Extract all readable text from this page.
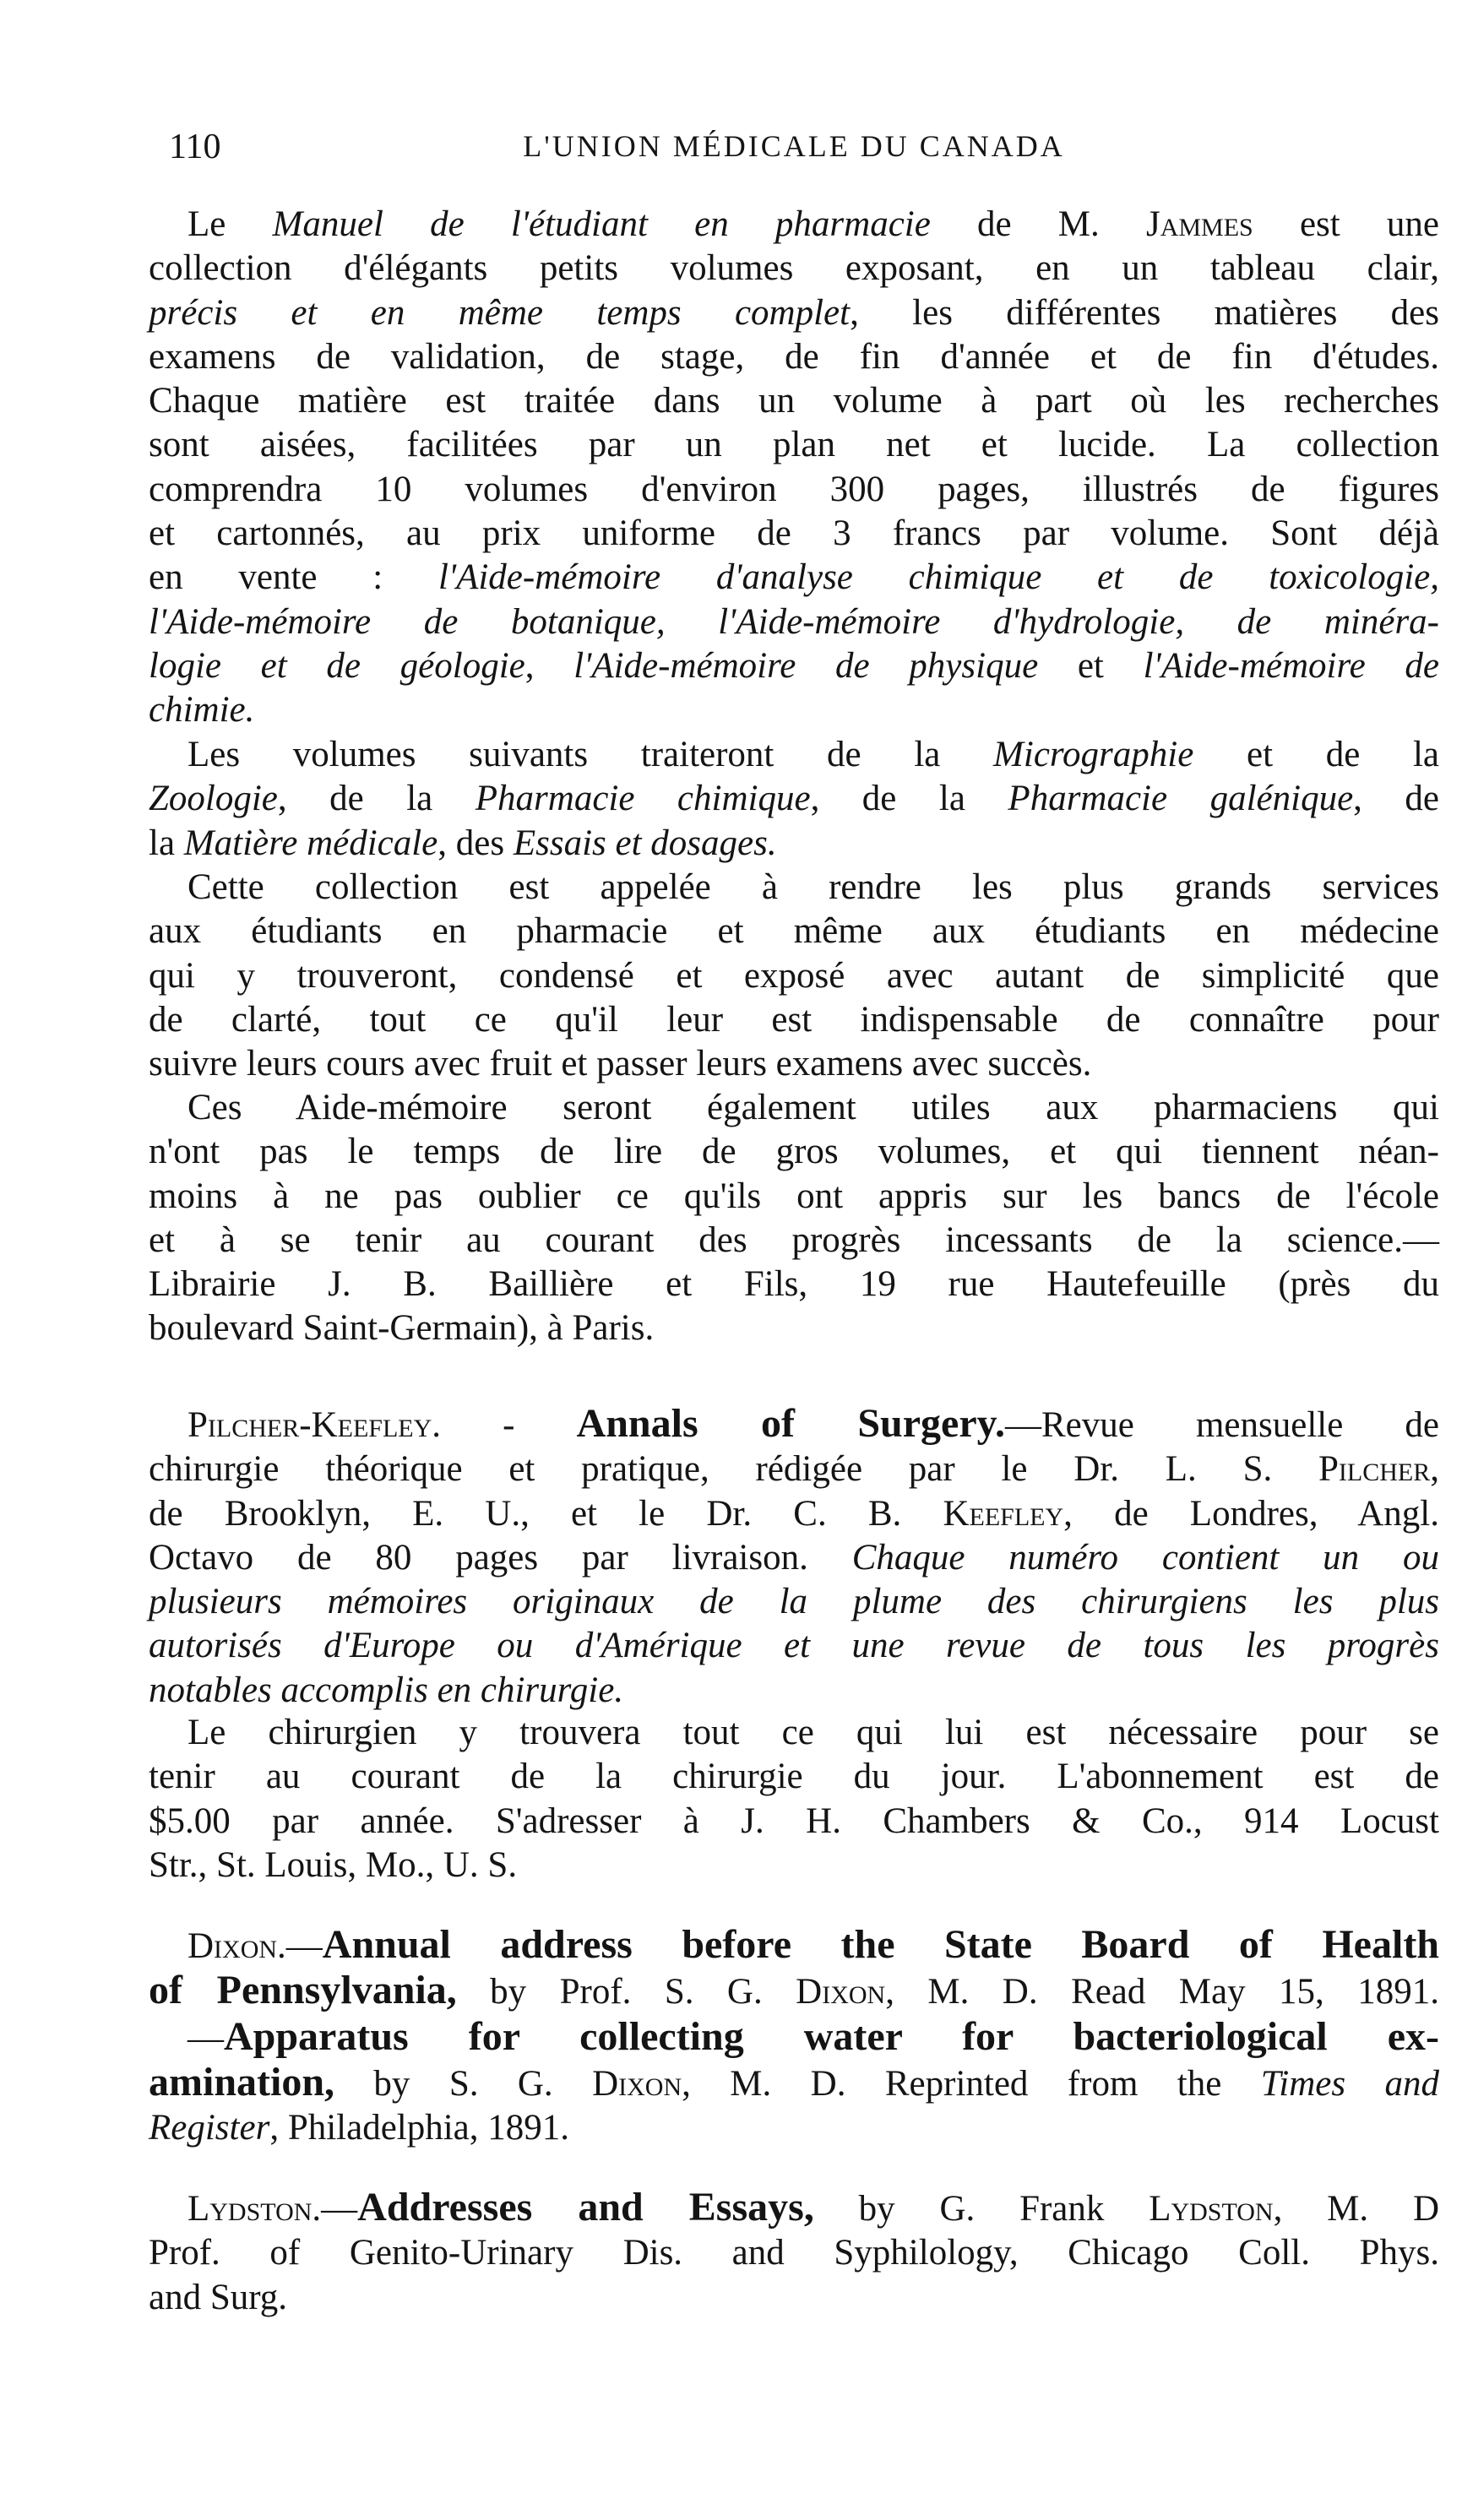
110	L'UNION MÉDICALE DU CANADA
Le Manuel de l'étudiant en pharmacie de M. Jammes est une
collection d'élégants petits volumes exposant, en un tableau clair,
précis et en même temps complet, les différentes matières des
examens de validation, de stage, de fin d'année et de fin d'études.
Chaque matière est traitée dans un volume à part où les recherches
sont aisées, facilitées par un plan net et lucide. La collection
comprendra 10 volumes d'environ 300 pages, illustrés de figures
et cartonnés, au prix uniforme de 3 francs par volume. Sont déjà
en vente : l'Aide-mémoire d'analyse chimique et de toxicologie,
l'Aide-mémoire de botanique, l'Aide-mémoire d'hydrologie, de minéra-
logie et de géologie, l'Aide-mémoire de physique et l'Aide-mémoire de
chimie.
Les volumes suivants traiteront de la Micrographie et de la
Zoologie, de la Pharmacie chimique, de la Pharmacie galénique, de
la Matière médicale, des Essais et dosages.
Cette collection est appelée à rendre les plus grands services
aux étudiants en pharmacie et même aux étudiants en médecine
qui y trouveront, condensé et exposé avec autant de simplicité que
de clarté, tout ce qu'il leur est indispensable de connaître pour
suivre leurs cours avec fruit et passer leurs examens avec succès.
Ces Aide-mémoire seront également utiles aux pharmaciens qui
n'ont pas le temps de lire de gros volumes, et qui tiennent néan-
moins à ne pas oublier ce qu'ils ont appris sur les bancs de l'école
et à se tenir au courant des progrès incessants de la science.—
Librairie J. B. Baillière et Fils, 19 rue Hautefeuille (près du
boulevard Saint-Germain), à Paris.
Pilcher-Keefley. - Annals of Surgery.—Revue mensuelle de
chirurgie théorique et pratique, rédigée par le Dr. L. S. Pilcher,
de Brooklyn, E. U., et le Dr. C. B. Keefley, de Londres, Angl.
Octavo de 80 pages par livraison. Chaque numéro contient un ou
plusieurs mémoires originaux de la plume des chirurgiens les plus
autorisés d'Europe ou d'Amérique et une revue de tous les progrès
notables accomplis en chirurgie.
Le chirurgien y trouvera tout ce qui lui est nécessaire pour se
tenir au courant de la chirurgie du jour. L'abonnement est de
$5.00 par année. S'adresser à J. H. Chambers & Co., 914 Locust
Str., St. Louis, Mo., U. S.
Dixon.—Annual address before the State Board of Health
of Pennsylvania, by Prof. S. G. Dixon, M. D. Read May 15, 1891.
—Apparatus for collecting water for bacteriological ex-
amination, by S. G. Dixon, M. D. Reprinted from the Times and
Register, Philadelphia, 1891.
Lydston.—Addresses and Essays, by G. Frank Lydston, M. D
Prof. of Genito-Urinary Dis. and Syphilology, Chicago Coll. Phys.
and Surg.
